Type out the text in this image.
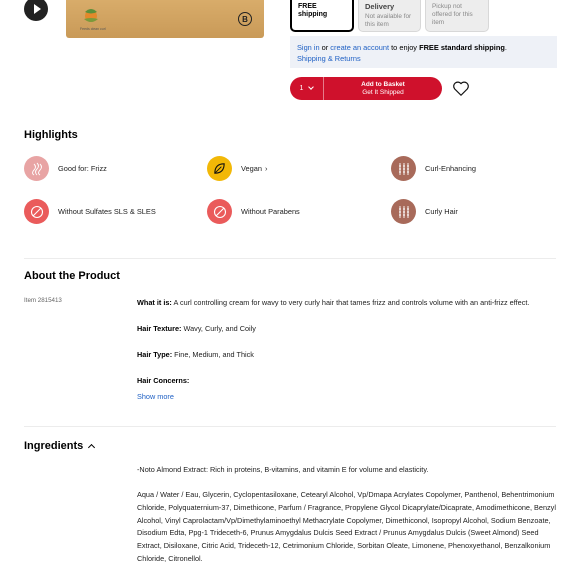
Feeds clean curl
B
FREE
shipping
Delivery
Not available for
this item
Pickup not
offered for this
item
Sign in or create an account to enjoy FREE standard shipping.
Shipping & Returns
1
Add to Basket
Get It Shipped
Highlights
Good for: Frizz	Vegan ›	Curl-Enhancing
Without Sulfates SLS & SLES	Without Parabens	Curly Hair
About the Product
Item 2815413	What it is: A curl controlling cream for wavy to very curly hair that tames frizz and controls volume with an anti-frizz effect.
Hair Texture: Wavy, Curly, and Coily
Hair Type: Fine, Medium, and Thick
Hair Concerns:
Show more
Ingredients
-Noto Almond Extract: Rich in proteins, B-vitamins, and vitamin E for volume and elasticity.
Aqua / Water / Eau, Glycerin, Cyclopentasiloxane, Cetearyl Alcohol, Vp/Dmapa Acrylates Copolymer, Panthenol, Behentrimonium Chloride, Polyquaternium-37, Dimethicone, Parfum / Fragrance, Propylene Glycol Dicaprylate/Dicaprate, Amodimethicone, Benzyl Alcohol, Vinyl Caprolactam/Vp/Dimethylaminoethyl Methacrylate Copolymer, Dimethiconol, Isopropyl Alcohol, Sodium Benzoate, Disodium Edta, Ppg-1 Trideceth-6, Prunus Amygdalus Dulcis Seed Extract / Prunus Amygdalus Dulcis (Sweet Almond) Seed Extract, Disiloxane, Citric Acid, Trideceth-12, Cetrimonium Chloride, Sorbitan Oleate, Limonene, Phenoxyethanol, Benzalkonium Chloride, Citronellol.
